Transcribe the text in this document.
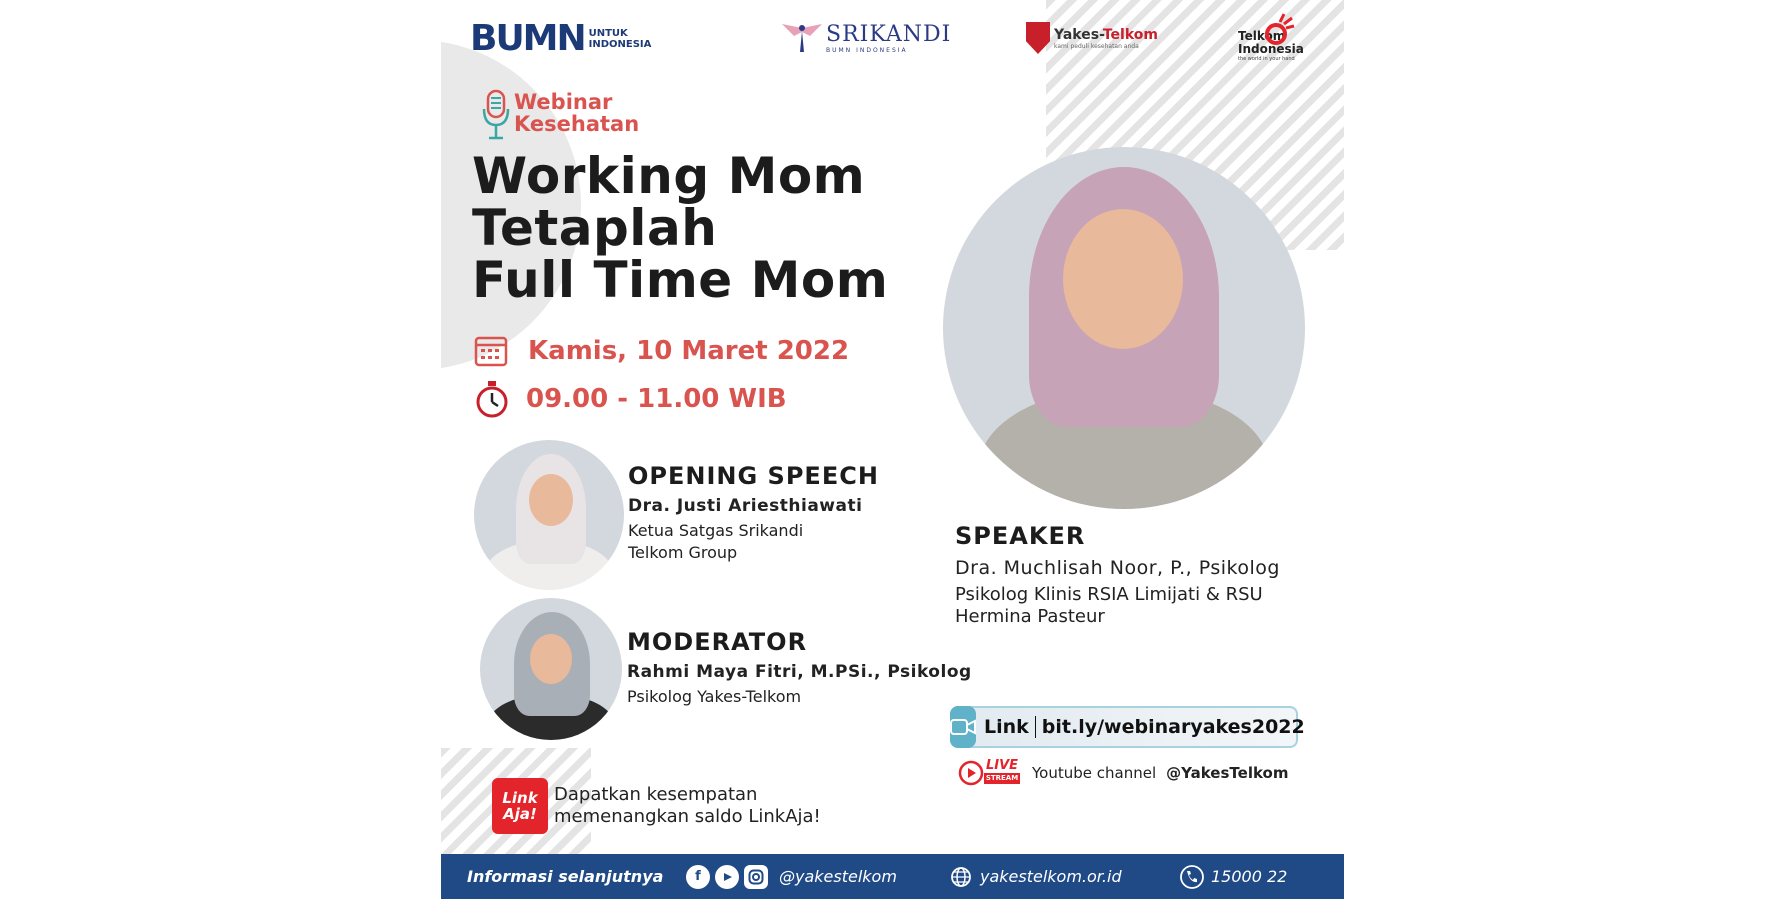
BUMN UNTUK
INDONESIA	SRIKANDI
BUMN INDONESIA
Yakes-Telkom
kami peduli kesehatan anda
Telkom
Indonesia
the world in your hand
Webinar
Kesehatan
Working Mom
Tetaplah
Full Time Mom
Kamis, 10 Maret 2022
09.00 - 11.00 WIB
OPENING SPEECH
Dra. Justi Ariesthiawati
Ketua Satgas Srikandi
Telkom Group
MODERATOR
Rahmi Maya Fitri, M.PSi., Psikolog
Psikolog Yakes-Telkom
SPEAKER
Dra. Muchlisah Noor, P., Psikolog
Psikolog Klinis RSIA Limijati & RSU
Hermina Pasteur
Link bit.ly/webinaryakes2022
LIVE
STREAM Youtube channel @YakesTelkom
Link
Aja!
Dapatkan kesempatan
memenangkan saldo LinkAja!
Informasi selanjutnya	f	@yakestelkom	yakestelkom.or.id	15000 22
